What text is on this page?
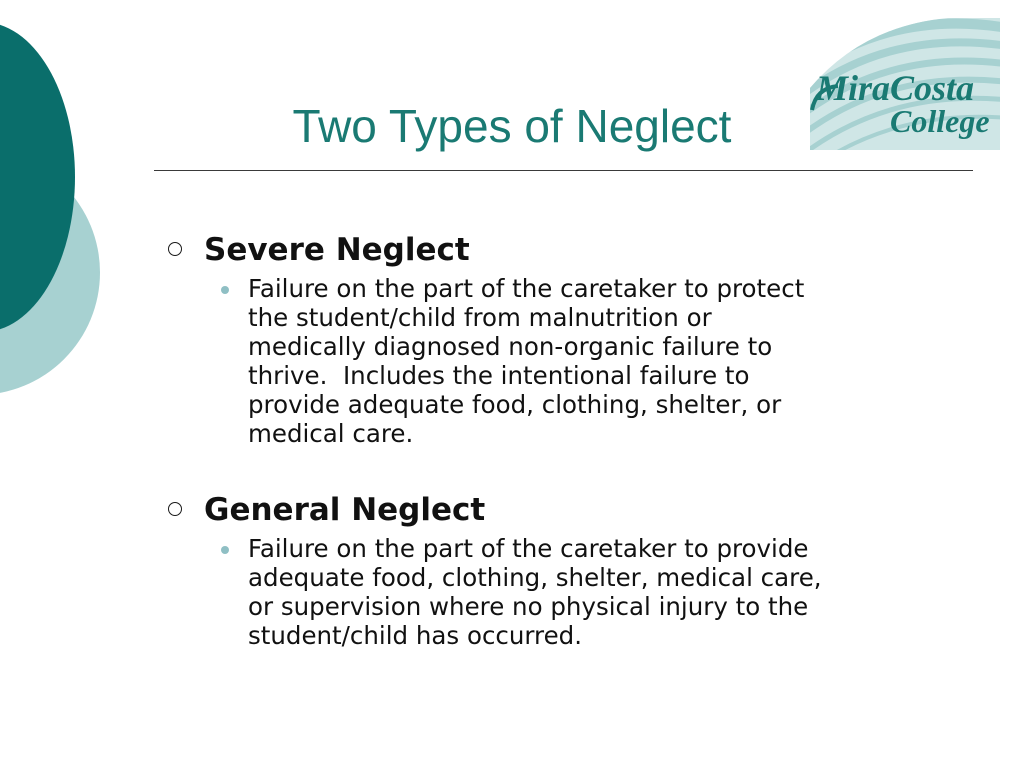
MiraCosta
College
Two Types of Neglect
Severe Neglect
Failure on the part of the caretaker to protect
the student/child from malnutrition or
medically diagnosed non-organic failure to
thrive.  Includes the intentional failure to
provide adequate food, clothing, shelter, or
medical care.
General Neglect
Failure on the part of the caretaker to provide
adequate food, clothing, shelter, medical care,
or supervision where no physical injury to the
student/child has occurred.
